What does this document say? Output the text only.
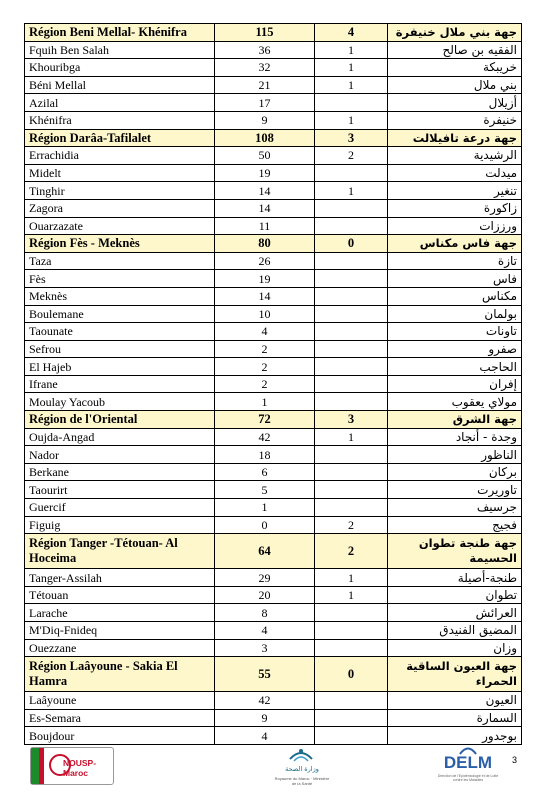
Région Beni Mellal- Khénifra	115	4	جهة بني ملال خنيفرة
Fquih Ben Salah	36	1	الفقيه بن صالح
Khouribga	32	1	خريبكة
Béni Mellal	21	1	بني ملال
Azilal	17		أزيلال
Khénifra	9	1	خنيفرة
Région Darâa-Tafilalet	108	3	جهة درعة تافيلالت
Errachidia	50	2	الرشيدية
Midelt	19		ميدلت
Tinghir	14	1	تنغير
Zagora	14		زاكورة
Ouarzazate	11		ورززات
Région Fès - Meknès	80	0	جهة فاس مكناس
Taza	26		تازة
Fès	19		فاس
Meknès	14		مكناس
Boulemane	10		بولمان
Taounate	4		تاونات
Sefrou	2		صفرو
El Hajeb	2		الحاجب
Ifrane	2		إفران
Moulay Yacoub	1		مولاي يعقوب
Région de l'Oriental	72	3	جهة الشرق
Oujda-Angad	42	1	وجدة - أنجاد
Nador	18		الناظور
Berkane	6		بركان
Taourirt	5		تاوريرت
Guercif	1		جرسيف
Figuig	0	2	فجيج
Région Tanger -Tétouan- Al Hoceima	64	2	جهة طنجة تطوان الحسيمة
Tanger-Assilah	29	1	طنجة-أصيلة
Tétouan	20	1	تطوان
Larache	8		العرائش
M'Diq-Fnideq	4		المضيق الفنيدق
Ouezzane	3		وزان
Région Laâyoune - Sakia El Hamra	55	0	جهة العيون الساقية الحمراء
Laâyoune	42		العيون
Es-Semara	9		السمارة
Boujdour	4		بوجدور
NOUSP-Maroc	وزارة الصحة
Royaume du Maroc · Ministère de la Santé
DELM
Direction de l'Epidémiologie et de Lutte contre les Maladies
3
